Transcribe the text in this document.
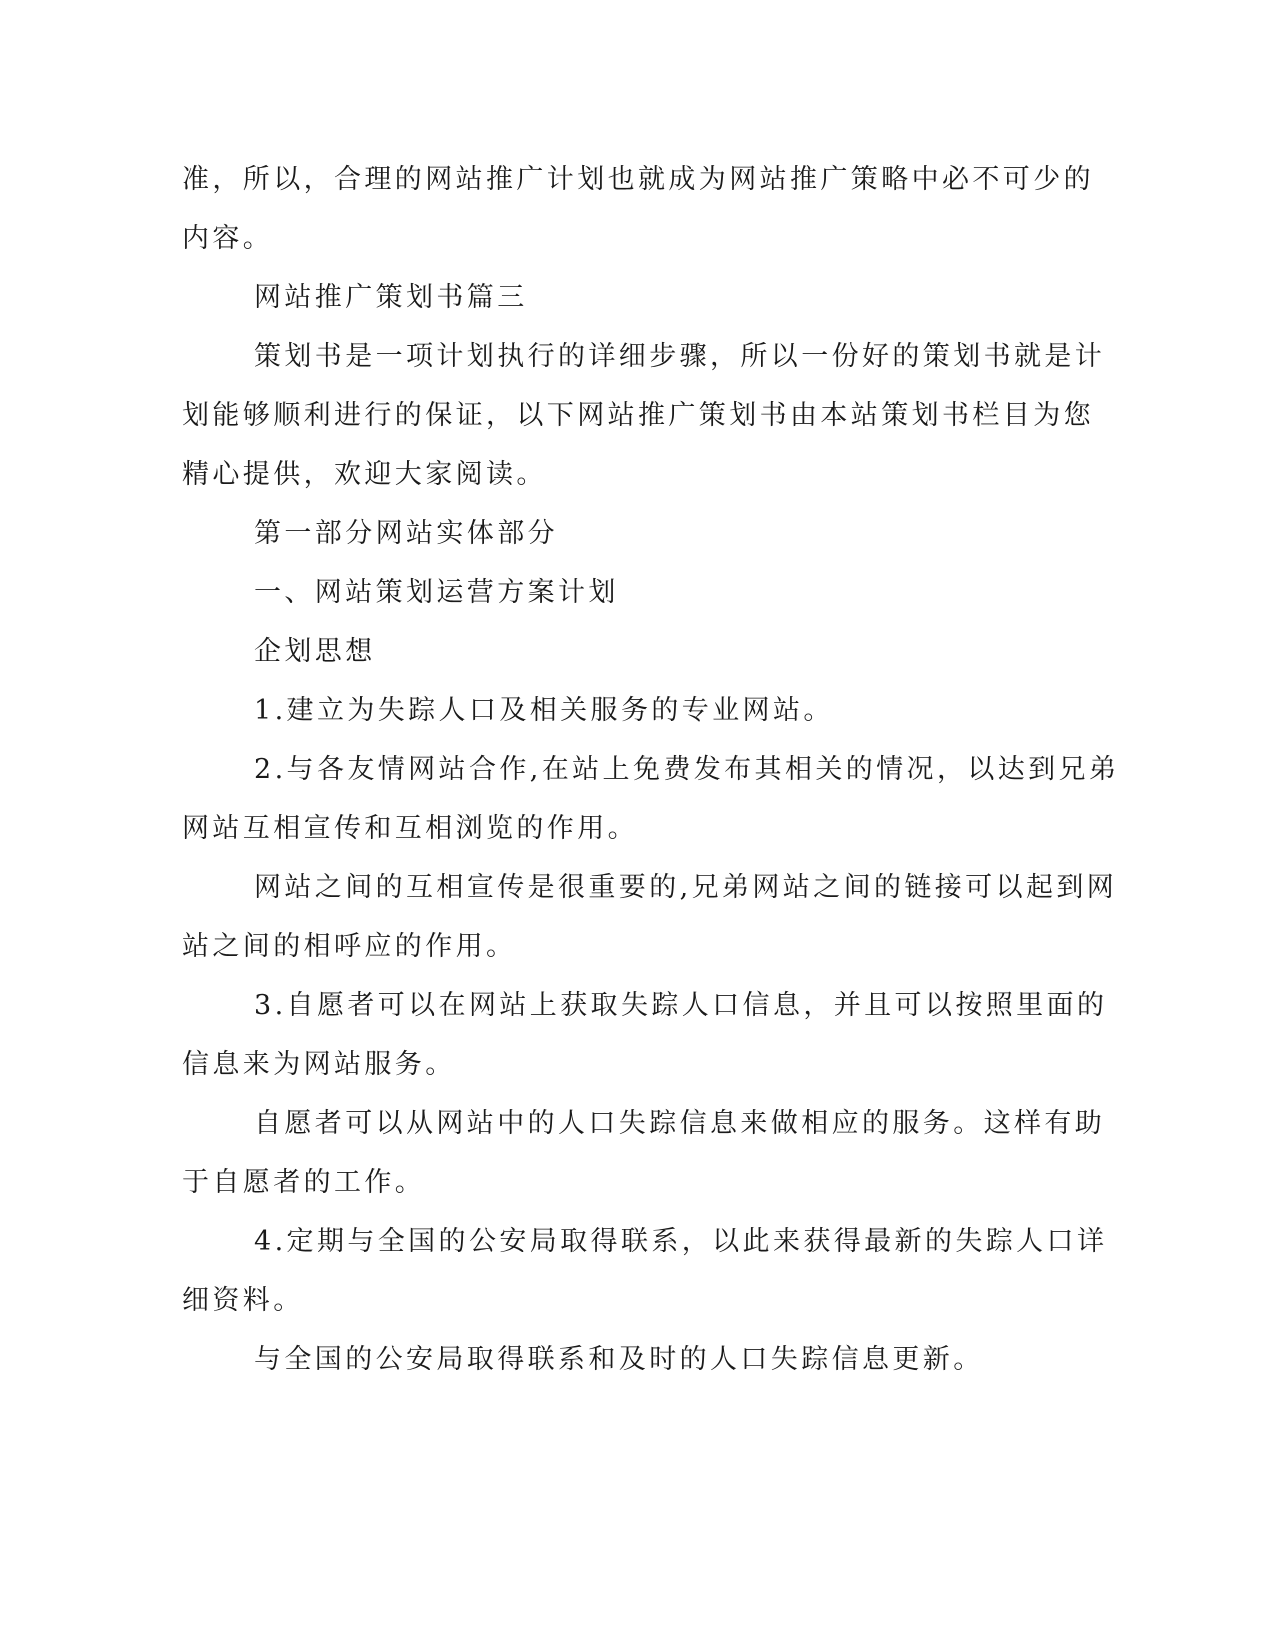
准，所以，合理的网站推广计划也就成为网站推广策略中必不可少的
内容。
网站推广策划书篇三
策划书是一项计划执行的详细步骤，所以一份好的策划书就是计
划能够顺利进行的保证，以下网站推广策划书由本站策划书栏目为您
精心提供，欢迎大家阅读。
第一部分网站实体部分
一、网站策划运营方案计划
企划思想
1.建立为失踪人口及相关服务的专业网站。
2.与各友情网站合作,在站上免费发布其相关的情况，以达到兄弟
网站互相宣传和互相浏览的作用。
网站之间的互相宣传是很重要的,兄弟网站之间的链接可以起到网
站之间的相呼应的作用。
3.自愿者可以在网站上获取失踪人口信息，并且可以按照里面的
信息来为网站服务。
自愿者可以从网站中的人口失踪信息来做相应的服务。这样有助
于自愿者的工作。
4.定期与全国的公安局取得联系，以此来获得最新的失踪人口详
细资料。
与全国的公安局取得联系和及时的人口失踪信息更新。
